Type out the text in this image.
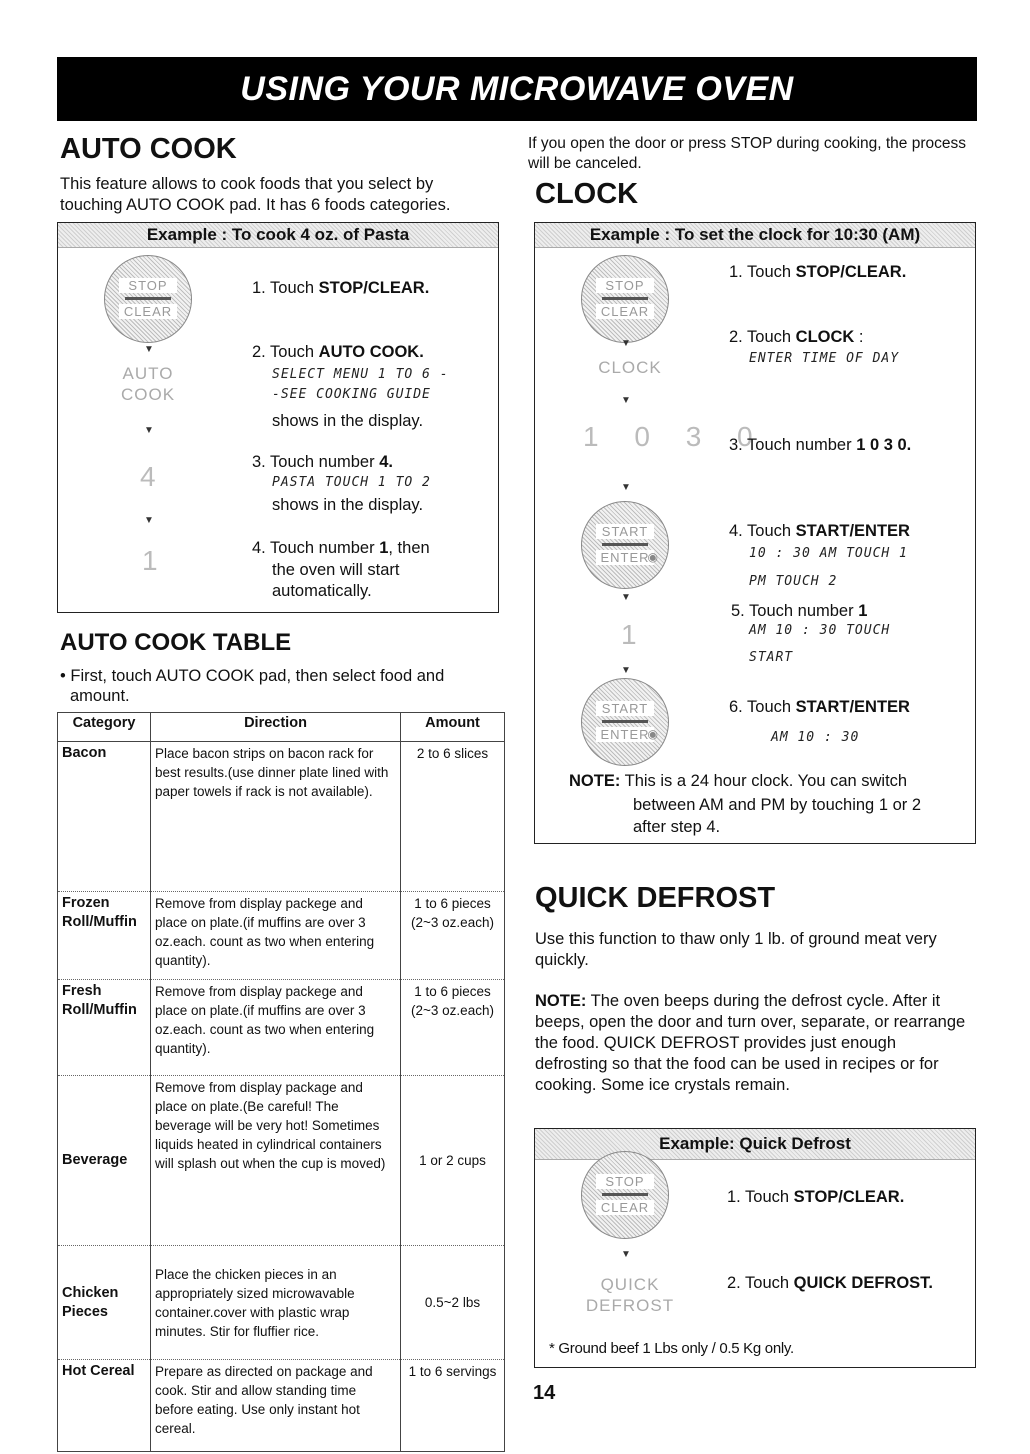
USING YOUR MICROWAVE OVEN
AUTO COOK
This feature allows to cook foods that you select by touching AUTO COOK pad. It has 6 foods categories.
Example : To cook 4 oz. of Pasta
STOP
CLEAR
▼
AUTO
COOK
▼
4
▼
1
1. Touch STOP/CLEAR.
2. Touch AUTO COOK.
SELECT MENU 1 TO 6 -
-SEE COOKING GUIDE
shows in the display.
3. Touch number 4.
PASTA TOUCH 1 TO 2
shows in the display.
4. Touch number 1, then
the oven will start
automatically.
AUTO COOK TABLE
• First, touch AUTO COOK pad, then select food and
amount.
Category	Direction	Amount
Bacon	Place bacon strips on bacon rack for best results.(use dinner plate lined with paper towels if rack is not available).	2 to 6 slices
Frozen Roll/Muffin	Remove from display packege and place on plate.(if muffins are over 3 oz.each. count as two when entering quantity).	1 to 6 pieces (2~3 oz.each)
Fresh Roll/Muffin	Remove from display packege and place on plate.(if muffins are over 3 oz.each. count as two when entering quantity).	1 to 6 pieces (2~3 oz.each)
Beverage	Remove from display package and place on plate.(Be careful! The beverage will be very hot! Sometimes liquids heated in cylindrical containers will splash out when the cup is moved)	1 or 2 cups
Chicken Pieces	Place the chicken pieces in an appropriately sized microwavable container.cover with plastic wrap minutes. Stir for fluffier rice.	0.5~2 lbs
Hot Cereal	Prepare as directed on package and cook. Stir and allow standing time before eating. Use only instant hot cereal.	1 to 6 servings
If you open the door or press STOP during cooking, the process will be canceled.
CLOCK
Example : To set the clock for 10:30 (AM)
STOP
CLEAR
▼
CLOCK
▼
1 0 3 0
▼
START
ENTER
◉
▼
1
▼
START
ENTER
◉
1. Touch STOP/CLEAR.
2. Touch CLOCK :
ENTER TIME OF DAY
3. Touch number 1 0 3 0.
4. Touch START/ENTER
10 : 30 AM TOUCH 1
PM TOUCH 2
5. Touch number 1
AM 10 : 30 TOUCH
START
6. Touch START/ENTER
AM 10 : 30
NOTE: This is a 24 hour clock. You can switch
between AM and PM by touching 1 or 2
after step 4.
QUICK DEFROST
Use this function to thaw only 1 lb. of ground meat very quickly.
NOTE: The oven beeps during the defrost cycle. After it beeps, open the door and turn over, separate, or rearrange the food. QUICK DEFROST provides just enough defrosting so that the food can be used in recipes or for cooking. Some ice crystals remain.
Example: Quick Defrost
STOP
CLEAR
▼
QUICK
DEFROST
1. Touch STOP/CLEAR.
2. Touch QUICK DEFROST.
* Ground beef 1 Lbs only / 0.5 Kg only.
14
